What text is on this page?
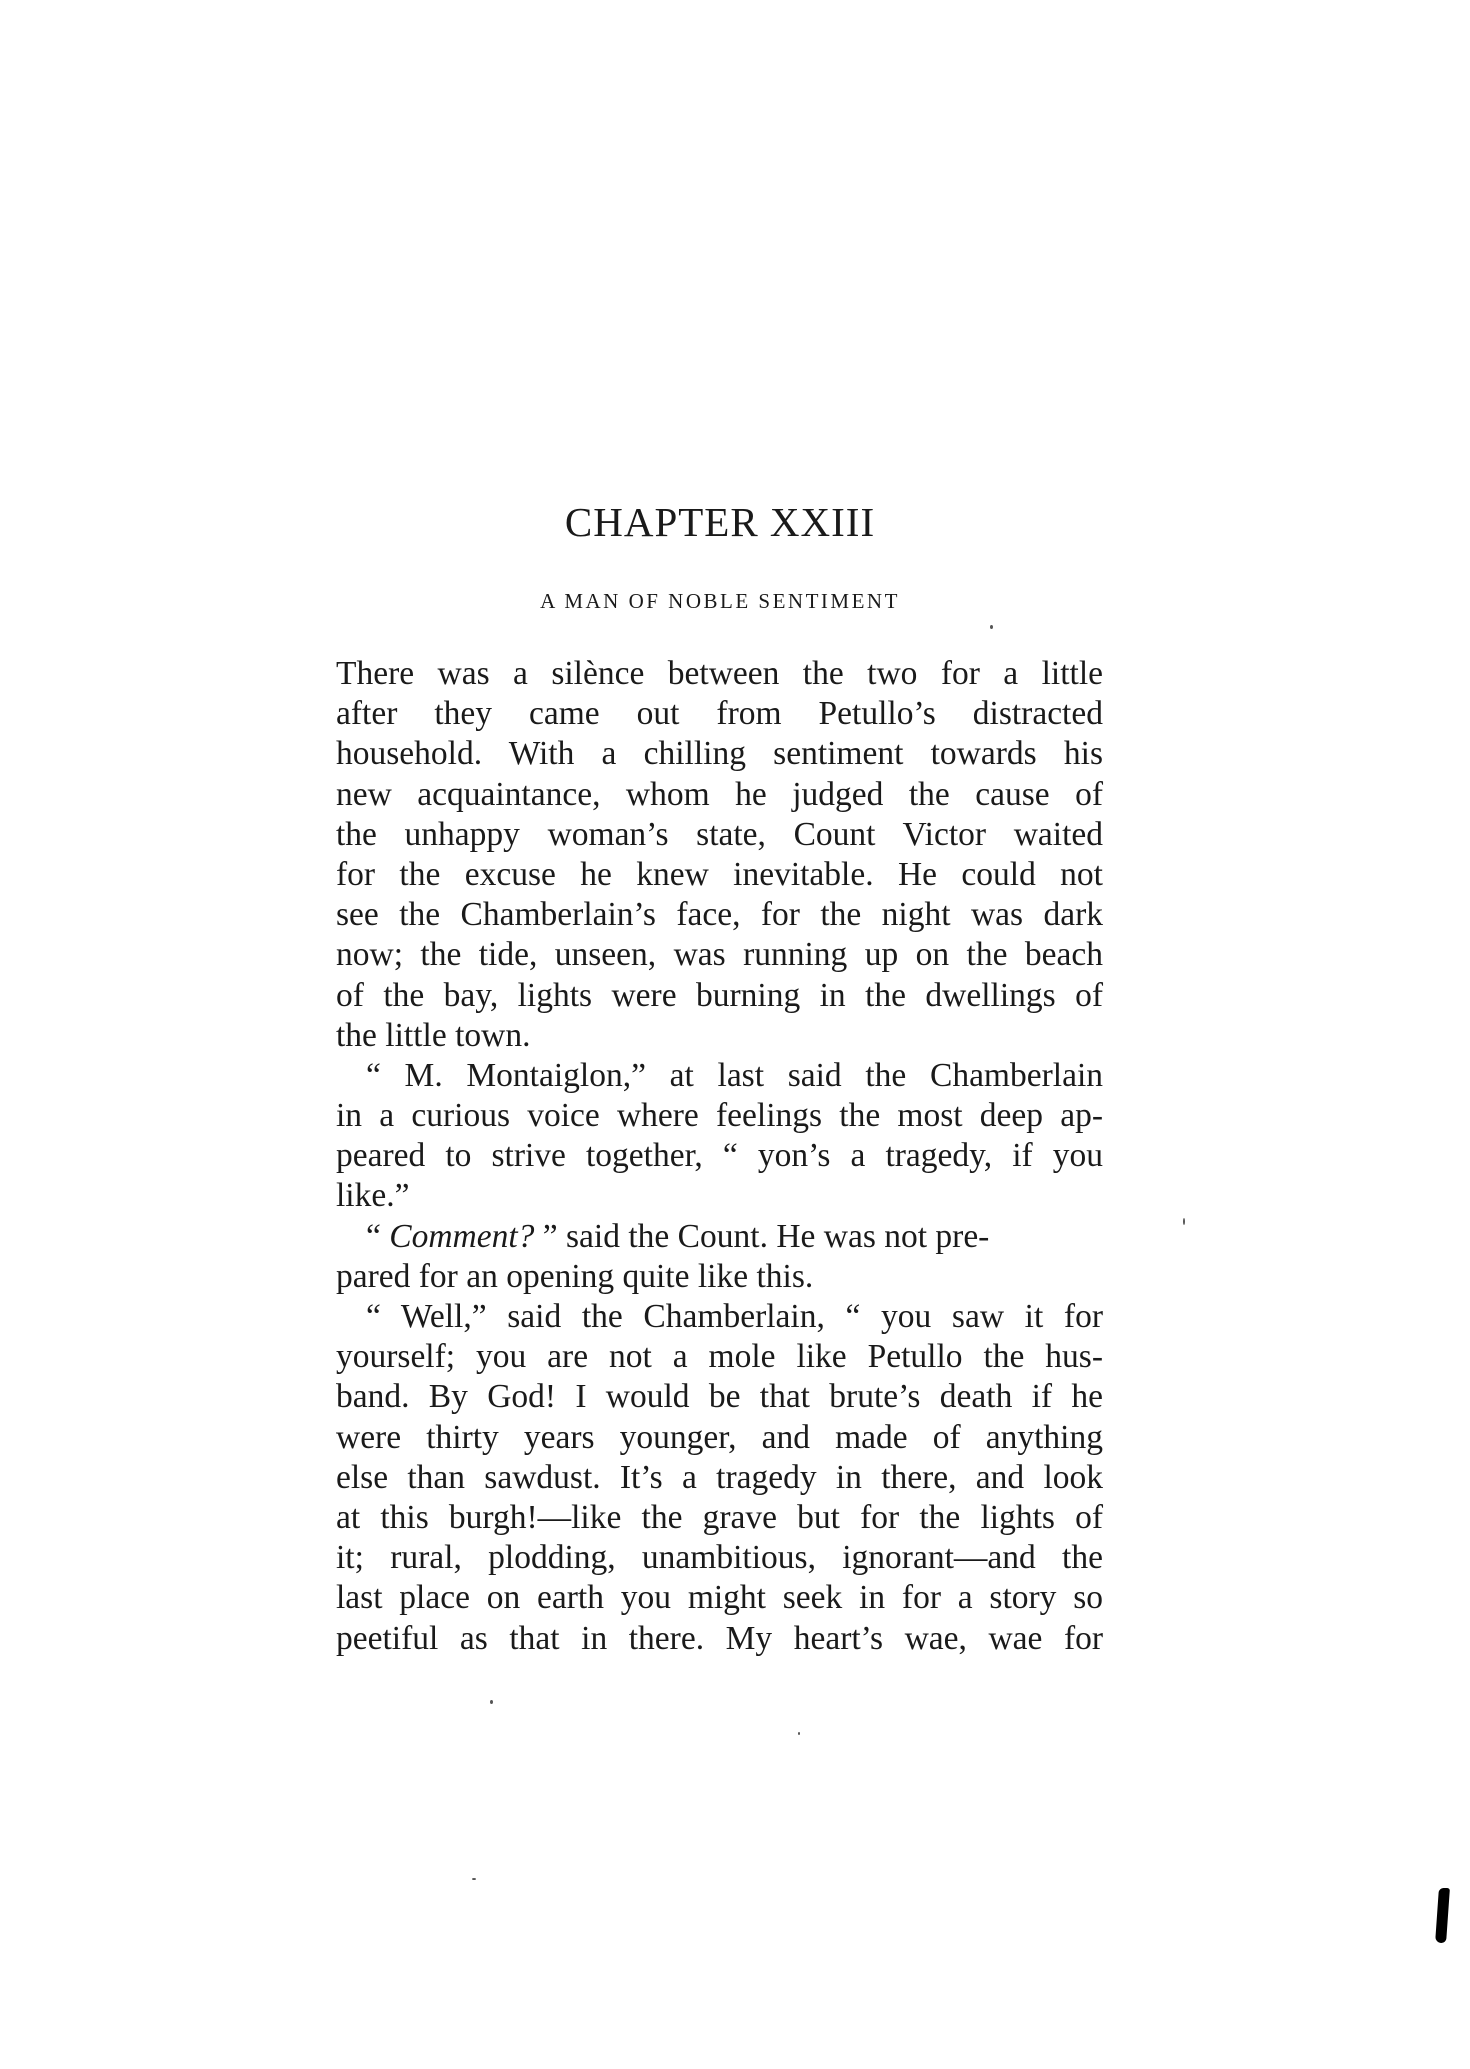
CHAPTER XXIII
A MAN OF NOBLE SENTIMENT
There was a silènce between the two for a little
after they came out from Petullo’s distracted
household. With a chilling sentiment towards his
new acquaintance, whom he judged the cause of
the unhappy woman’s state, Count Victor waited
for the excuse he knew inevitable. He could not
see the Chamberlain’s face, for the night was dark
now; the tide, unseen, was running up on the beach
of the bay, lights were burning in the dwellings of
the little town.
“ M. Montaiglon,” at last said the Chamberlain
in a curious voice where feelings the most deep ap-
peared to strive together, “ yon’s a tragedy, if you
like.”
“ Comment? ” said the Count. He was not pre-
pared for an opening quite like this.
“ Well,” said the Chamberlain, “ you saw it for
yourself; you are not a mole like Petullo the hus-
band. By God! I would be that brute’s death if he
were thirty years younger, and made of anything
else than sawdust. It’s a tragedy in there, and look
at this burgh!—like the grave but for the lights of
it; rural, plodding, unambitious, ignorant—and the
last place on earth you might seek in for a story so
peetiful as that in there. My heart’s wae, wae for
